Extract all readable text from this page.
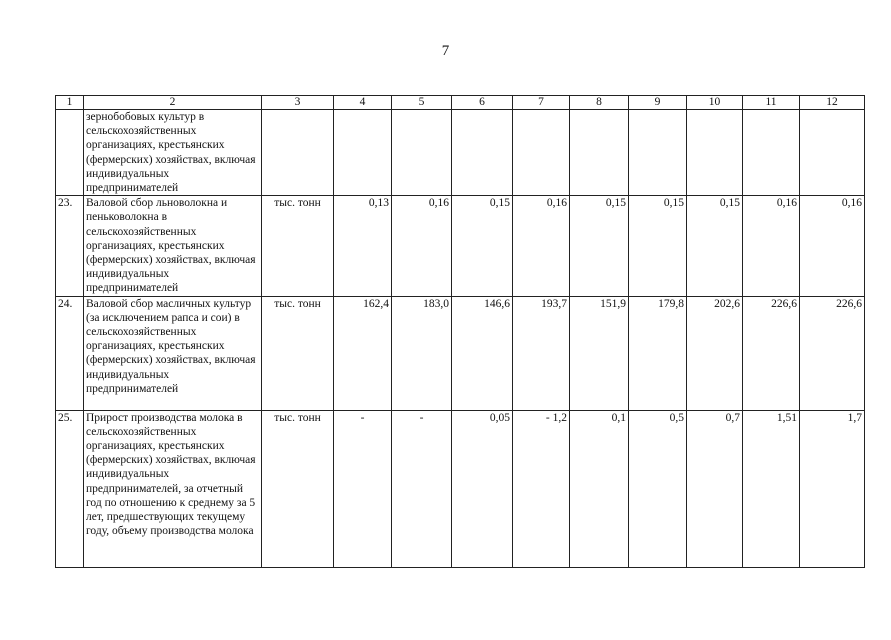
7
1	2	3	4	5	6	7	8	9	10	11	12
	зернобобовых культур в сельскохозяйственных организациях, крестьянских (фермерских) хозяйствах, включая индивидуальных предпринимателей										
23.	Валовой сбор льноволокна и пеньковолокна в сельскохозяйственных организациях, крестьянских (фермерских) хозяйствах, включая индивидуальных предпринимателей	тыс. тонн	0,13	0,16	0,15	0,16	0,15	0,15	0,15	0,16	0,16
24.	Валовой сбор масличных культур (за исключением рапса и сои) в сельскохозяйственных организациях, крестьянских (фермерских) хозяйствах, включая индивидуальных предпринимателей	тыс. тонн	162,4	183,0	146,6	193,7	151,9	179,8	202,6	226,6	226,6
25.	Прирост производства молока в сельскохозяйственных организациях, крестьянских (фермерских) хозяйствах, включая индивидуальных предпринимателей, за отчетный год по отношению к среднему за 5 лет, предшествующих текущему году, объему производства молока	тыс. тонн	-	-	0,05	- 1,2	0,1	0,5	0,7	1,51	1,7
